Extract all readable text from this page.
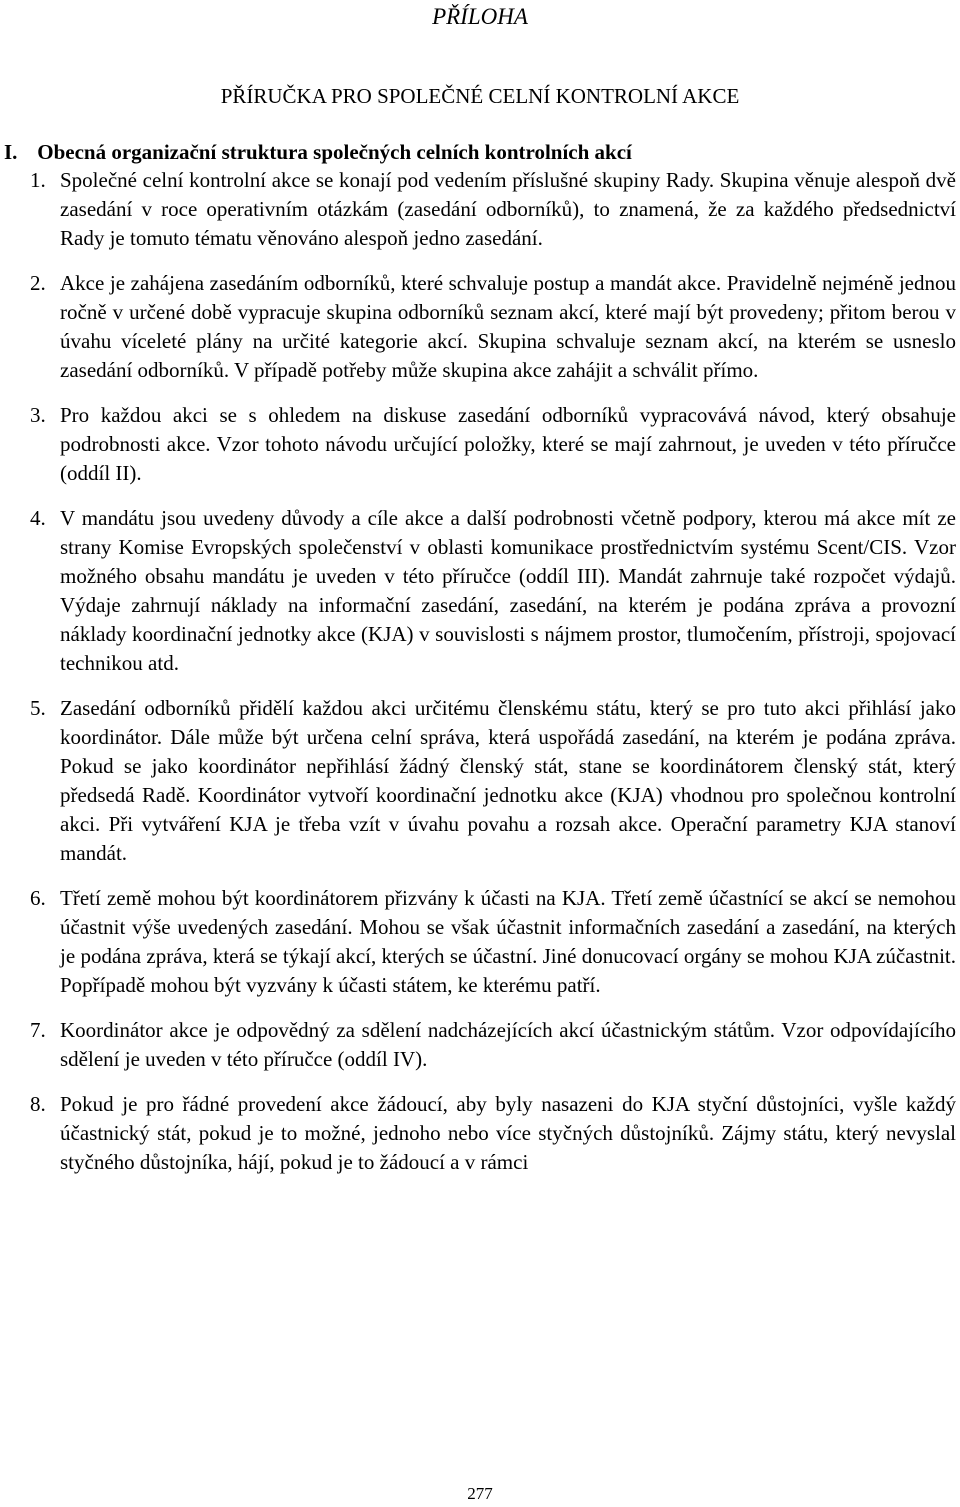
PŘÍLOHA
PŘÍRUČKA PRO SPOLEČNÉ CELNÍ KONTROLNÍ AKCE
I. Obecná organizační struktura společných celních kontrolních akcí
1. Společné celní kontrolní akce se konají pod vedením příslušné skupiny Rady. Skupina věnuje alespoň dvě zasedání v roce operativním otázkám (zasedání odborníků), to znamená, že za každého předsednictví Rady je tomuto tématu věnováno alespoň jedno zasedání.
2. Akce je zahájena zasedáním odborníků, které schvaluje postup a mandát akce. Pravidelně nejméně jednou ročně v určené době vypracuje skupina odborníků seznam akcí, které mají být provedeny; přitom berou v úvahu víceleté plány na určité kategorie akcí. Skupina schvaluje seznam akcí, na kterém se usneslo zasedání odborníků. V případě potřeby může skupina akce zahájit a schválit přímo.
3. Pro každou akci se s ohledem na diskuse zasedání odborníků vypracovává návod, který obsahuje podrobnosti akce. Vzor tohoto návodu určující položky, které se mají zahrnout, je uveden v této příručce (oddíl II).
4. V mandátu jsou uvedeny důvody a cíle akce a další podrobnosti včetně podpory, kterou má akce mít ze strany Komise Evropských společenství v oblasti komunikace prostřednictvím systému Scent/CIS. Vzor možného obsahu mandátu je uveden v této příručce (oddíl III). Mandát zahrnuje také rozpočet výdajů. Výdaje zahrnují náklady na informační zasedání, zasedání, na kterém je podána zpráva a provozní náklady koordinační jednotky akce (KJA) v souvislosti s nájmem prostor, tlumočením, přístroji, spojovací technikou atd.
5. Zasedání odborníků přidělí každou akci určitému členskému státu, který se pro tuto akci přihlásí jako koordinátor. Dále může být určena celní správa, která uspořádá zasedání, na kterém je podána zpráva. Pokud se jako koordinátor nepřihlásí žádný členský stát, stane se koordinátorem členský stát, který předsedá Radě. Koordinátor vytvoří koordinační jednotku akce (KJA) vhodnou pro společnou kontrolní akci. Při vytváření KJA je třeba vzít v úvahu povahu a rozsah akce. Operační parametry KJA stanoví mandát.
6. Třetí země mohou být koordinátorem přizvány k účasti na KJA. Třetí země účastnící se akcí se nemohou účastnit výše uvedených zasedání. Mohou se však účastnit informačních zasedání a zasedání, na kterých je podána zpráva, která se týkají akcí, kterých se účastní. Jiné donucovací orgány se mohou KJA zúčastnit. Popřípadě mohou být vyzvány k účasti státem, ke kterému patří.
7. Koordinátor akce je odpovědný za sdělení nadcházejících akcí účastnickým státům. Vzor odpovídajícího sdělení je uveden v této příručce (oddíl IV).
8. Pokud je pro řádné provedení akce žádoucí, aby byly nasazeni do KJA styční důstojníci, vyšle každý účastnický stát, pokud je to možné, jednoho nebo více styčných důstojníků. Zájmy státu, který nevyslal styčného důstojníka, hájí, pokud je to žádoucí a v rámci
277
